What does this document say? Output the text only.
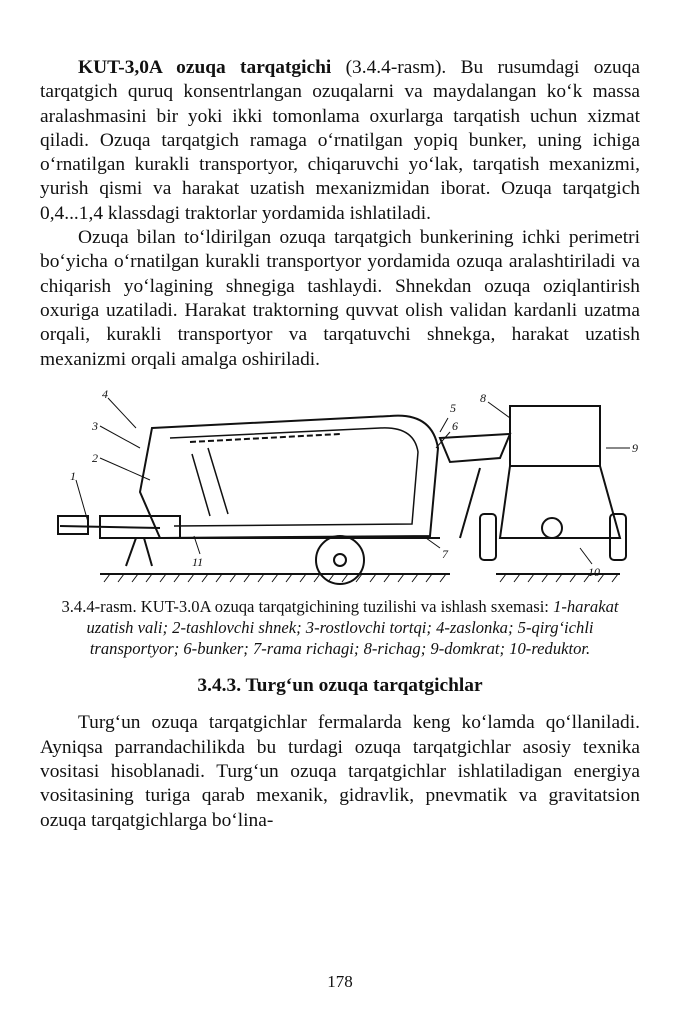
KUT-3,0A ozuqa tarqatgichi (3.4.4-rasm). Bu rusumdagi ozuqa tarqatgich quruq konsentrlangan ozuqalarni va maydalangan ko‘k massa aralashmasini bir yoki ikki tomonlama oxurlarga tarqatish uchun xizmat qiladi. Ozuqa tarqatgich ramaga o‘rnatilgan yopiq bunker, uning ichiga o‘rnatilgan kurakli transportyor, chiqaruvchi yo‘lak, tarqatish mexanizmi, yurish qismi va harakat uzatish mexanizmidan iborat. Ozuqa tarqatgich 0,4...1,4 klassdagi traktorlar yordamida ishlatiladi.

Ozuqa bilan to‘ldirilgan ozuqa tarqatgich bunkerining ichki perimetri bo‘yicha o‘rnatilgan kurakli transportyor yordamida ozuqa aralashtiriladi va chiqarish yo‘lagining shnegiga tashlaydi. Shnekdan ozuqa oziqlantirish oxuriga uzatiladi. Harakat traktorning quvvat olish validan kardanli uzatma orqali, kurakli transportyor va tarqatuvchi shnekga, harakat uzatish mexanizmi orqali amalga oshiriladi.

4
3
2
1
11
5
6
7
8
9
10
3.4.4-rasm. KUT-3.0A ozuqa tarqatgichining tuzilishi va ishlash sxemasi: 1-harakat uzatish vali; 2-tashlovchi shnek; 3-rostlovchi tortqi; 4-zaslonka; 5-qirg‘ichli transportyor; 6-bunker; 7-rama richagi; 8-richag; 9-domkrat; 10-reduktor.
3.4.3. Turg‘un ozuqa tarqatgichlar

Turg‘un ozuqa tarqatgichlar fermalarda keng ko‘lamda qo‘llaniladi. Ayniqsa parrandachilikda bu turdagi ozuqa tarqatgichlar asosiy texnika vositasi hisoblanadi. Turg‘un ozuqa tarqatgichlar ishlatiladigan energiya vositasining turiga qarab mexanik, gidravlik, pnevmatik va gravitatsion ozuqa tarqatgichlarga bo‘lina-

178
